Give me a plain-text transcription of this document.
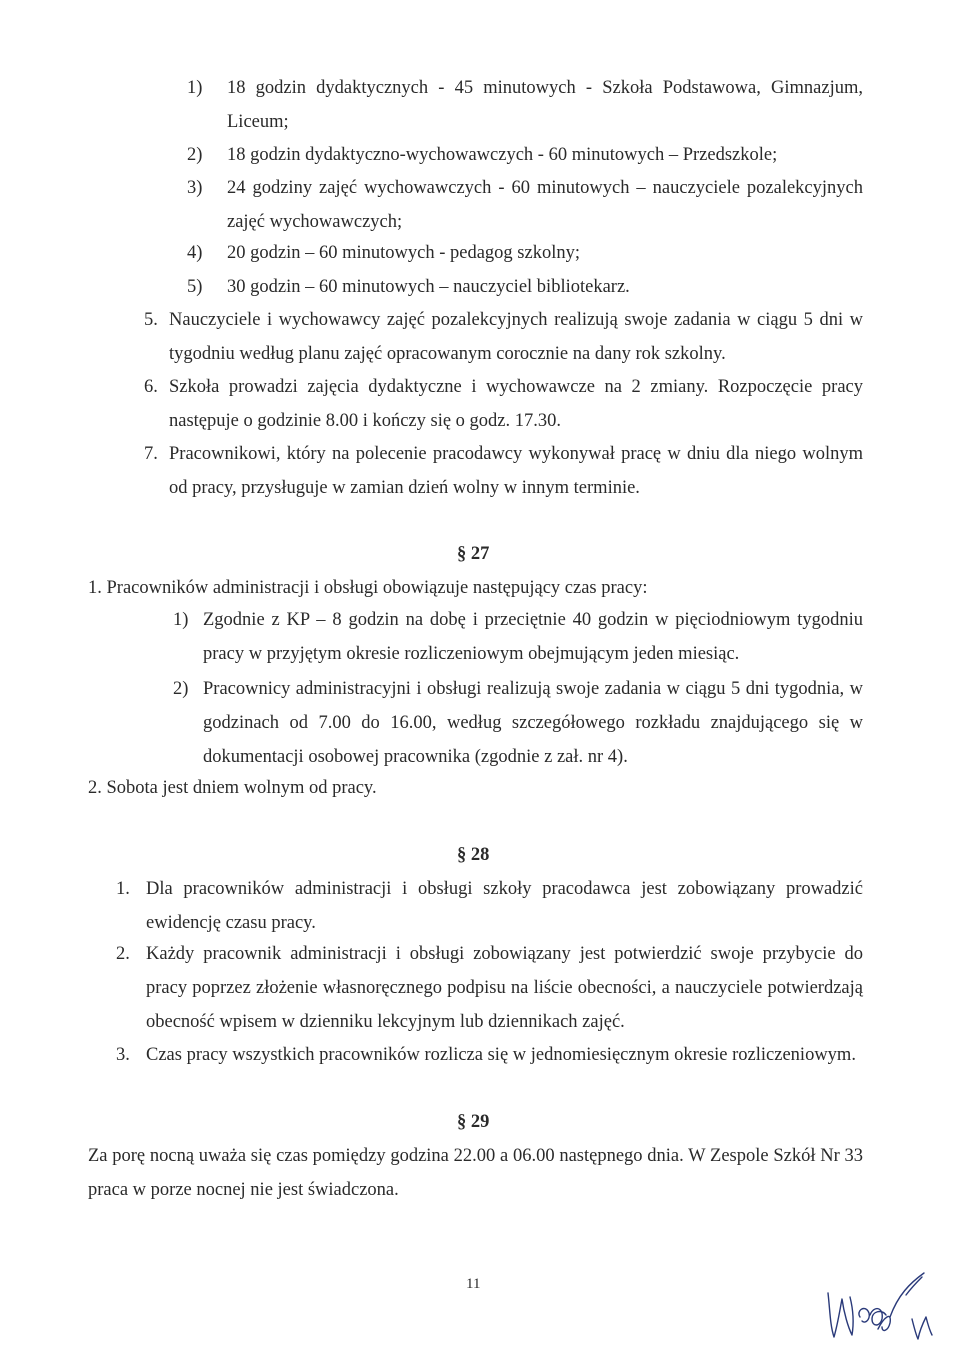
1) 18 godzin dydaktycznych - 45 minutowych - Szkoła Podstawowa, Gimnazjum, Liceum;
2) 18 godzin dydaktyczno-wychowawczych - 60 minutowych – Przedszkole;
3) 24 godziny zajęć wychowawczych - 60 minutowych – nauczyciele pozalekcyjnych zajęć wychowawczych;
4) 20 godzin – 60 minutowych - pedagog szkolny;
5) 30 godzin – 60 minutowych – nauczyciel bibliotekarz.
5. Nauczyciele i wychowawcy zajęć pozalekcyjnych realizują swoje zadania w ciągu 5 dni w tygodniu według planu zajęć opracowanym corocznie na dany rok szkolny.
6. Szkoła prowadzi zajęcia dydaktyczne i wychowawcze na 2 zmiany. Rozpoczęcie pracy następuje o godzinie 8.00 i kończy się o godz. 17.30.
7. Pracownikowi, który na polecenie pracodawcy wykonywał pracę w dniu dla niego wolnym od pracy, przysługuje w zamian dzień wolny w innym terminie.
§ 27
1. Pracowników administracji i obsługi obowiązuje następujący czas pracy:
1) Zgodnie z KP – 8 godzin na dobę i przeciętnie 40 godzin w pięciodniowym tygodniu pracy w przyjętym okresie rozliczeniowym obejmującym jeden miesiąc.
2) Pracownicy administracyjni i obsługi realizują swoje zadania w ciągu 5 dni tygodnia, w godzinach od 7.00 do 16.00, według szczegółowego rozkładu znajdującego się w dokumentacji osobowej pracownika (zgodnie z zał. nr 4).
2. Sobota jest dniem wolnym od pracy.
§ 28
1. Dla pracowników administracji i obsługi szkoły pracodawca jest zobowiązany prowadzić ewidencję czasu pracy.
2. Każdy pracownik administracji i obsługi zobowiązany jest potwierdzić swoje przybycie do pracy poprzez złożenie własnoręcznego podpisu na liście obecności, a nauczyciele potwierdzają obecność wpisem w dzienniku lekcyjnym lub dziennikach zajęć.
3. Czas pracy wszystkich pracowników rozlicza się w jednomiesięcznym okresie rozliczeniowym.
§ 29
Za porę nocną uważa się czas pomiędzy godzina 22.00 a 06.00 następnego dnia. W Zespole Szkół Nr 33 praca w porze nocnej nie jest świadczona.
11
